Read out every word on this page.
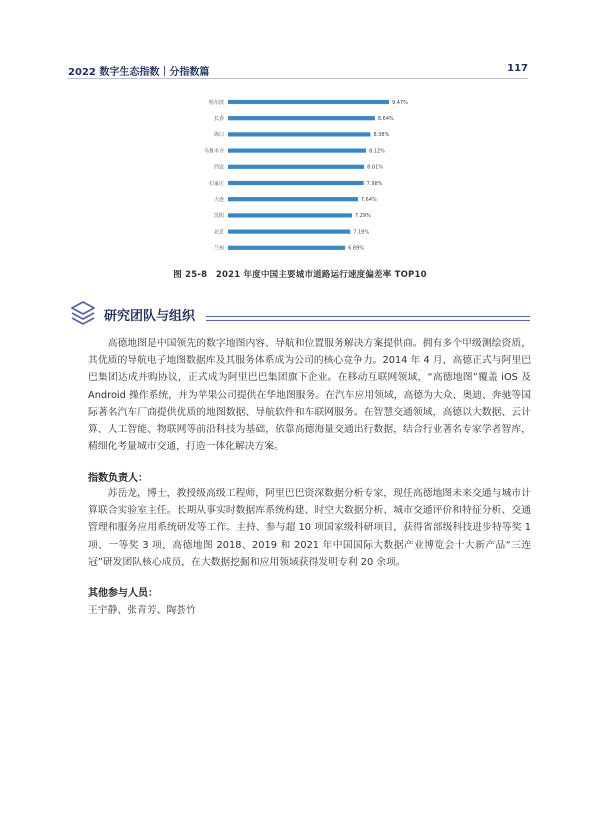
2022 数字生态指数｜分指数篇	117
哈尔滨	9.47%
长春	8.64%
海口	8.38%
乌鲁木齐	8.12%
西安	8.01%
石家庄	7.98%
大连	7.64%
沈阳	7.29%
北京	7.19%
兰州	6.89%
图 25-8　2021 年度中国主要城市道路运行速度偏差率 TOP10
研究团队与组织

高德地图是中国领先的数字地图内容、导航和位置服务解决方案提供商。拥有多个甲级测绘资质，其优质的导航电子地图数据库及其服务体系成为公司的核心竞争力。2014 年 4 月，高德正式与阿里巴巴集团达成并购协议，正式成为阿里巴巴集团旗下企业。在移动互联网领域，“高德地图”覆盖 iOS 及 Android 操作系统，并为苹果公司提供在华地图服务。在汽车应用领域，高德为大众、奥迪、奔驰等国际著名汽车厂商提供优质的地图数据、导航软件和车联网服务。在智慧交通领域，高德以大数据、云计算、人工智能、物联网等前沿科技为基础，依靠高德海量交通出行数据，结合行业著名专家学者智库，精细化考量城市交通，打造一体化解决方案。

指数负责人：

苏岳龙，博士，教授级高级工程师，阿里巴巴资深数据分析专家，现任高德地图未来交通与城市计算联合实验室主任。长期从事实时数据库系统构建、时空大数据分析、城市交通评价和特征分析、交通管理和服务应用系统研发等工作。主持、参与超 10 项国家级科研项目，获得省部级科技进步特等奖 1 项、一等奖 3 项，高德地图 2018、2019 和 2021 年中国国际大数据产业博览会十大新产品“三连冠”研发团队核心成员，在大数据挖掘和应用领域获得发明专利 20 余项。

其他参与人员：
王宇静、张青芳、陶荟竹
